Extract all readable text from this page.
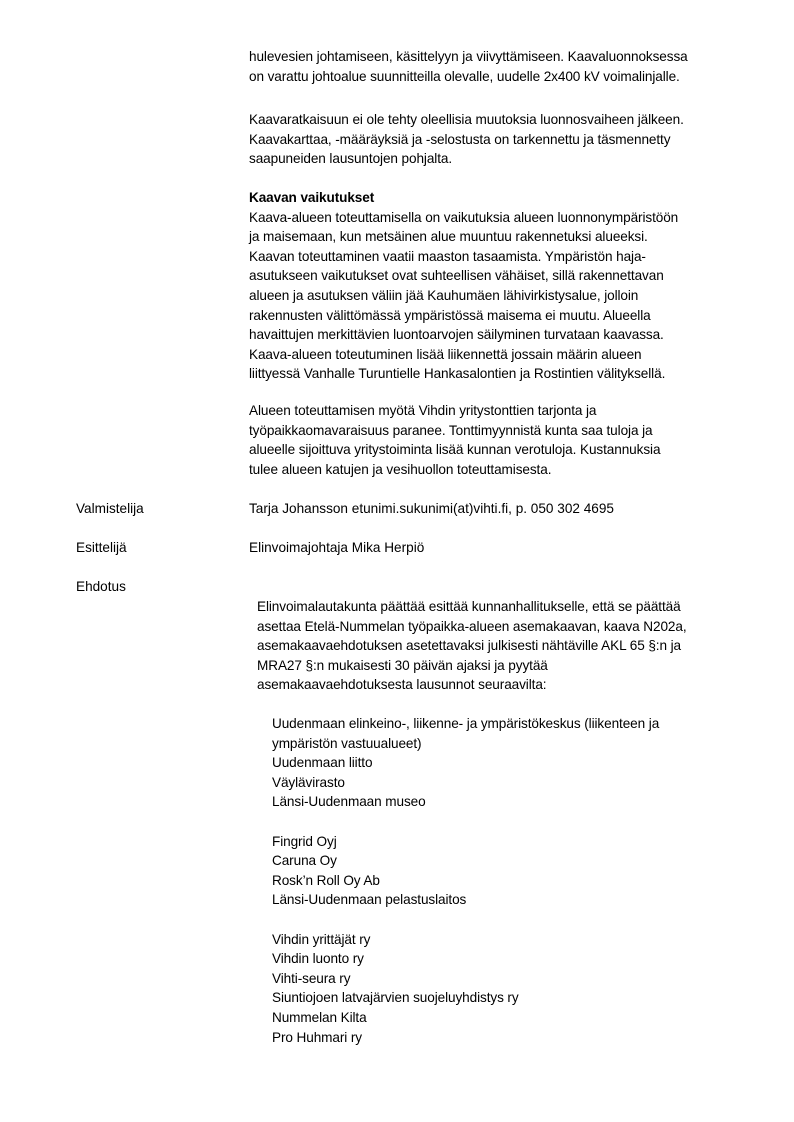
hulevesien johtamiseen, käsittelyyn ja viivyttämiseen. Kaavaluonnoksessa
on varattu johtoalue suunnitteilla olevalle, uudelle 2x400 kV voimalinjalle.
Kaavaratkaisuun ei ole tehty oleellisia muutoksia luonnosvaiheen jälkeen.
Kaavakarttaa, -määräyksiä ja -selostusta on tarkennettu ja täsmennetty
saapuneiden lausuntojen pohjalta.
Kaavan vaikutukset
Kaava-alueen toteuttamisella on vaikutuksia alueen luonnonympäristöön
ja maisemaan, kun metsäinen alue muuntuu rakennetuksi alueeksi.
Kaavan toteuttaminen vaatii maaston tasaamista. Ympäristön haja-
asutukseen vaikutukset ovat suhteellisen vähäiset, sillä rakennettavan
alueen ja asutuksen väliin jää Kauhumäen lähivirkistysalue, jolloin
rakennusten välittömässä ympäristössä maisema ei muutu. Alueella
havaittujen merkittävien luontoarvojen säilyminen turvataan kaavassa.
Kaava-alueen toteutuminen lisää liikennettä jossain määrin alueen
liittyessä Vanhalle Turuntielle Hankasalontien ja Rostintien välityksellä.
Alueen toteuttamisen myötä Vihdin yritystonttien tarjonta ja
työpaikkaomavaraisuus paranee. Tonttimyynnistä kunta saa tuloja ja
alueelle sijoittuva yritystoiminta lisää kunnan verotuloja. Kustannuksia
tulee alueen katujen ja vesihuollon toteuttamisesta.
Valmistelija	Tarja Johansson etunimi.sukunimi(at)vihti.fi, p. 050 302 4695
Esittelijä	Elinvoimajohtaja Mika Herpiö
Ehdotus
Elinvoimalautakunta päättää esittää kunnanhallitukselle, että se päättää
asettaa Etelä-Nummelan työpaikka-alueen asemakaavan, kaava N202a,
asemakaavaehdotuksen asetettavaksi julkisesti nähtäville AKL 65 §:n ja
MRA27 §:n mukaisesti 30 päivän ajaksi ja pyytää
asemakaavaehdotuksesta lausunnot seuraavilta:
Uudenmaan elinkeino-, liikenne- ja ympäristökeskus (liikenteen ja
ympäristön vastuualueet)
Uudenmaan liitto
Väylävirasto
Länsi-Uudenmaan museo
Fingrid Oyj
Caruna Oy
Rosk’n Roll Oy Ab
Länsi-Uudenmaan pelastuslaitos
Vihdin yrittäjät ry
Vihdin luonto ry
Vihti-seura ry
Siuntiojoen latvajärvien suojeluyhdistys ry
Nummelan Kilta
Pro Huhmari ry
